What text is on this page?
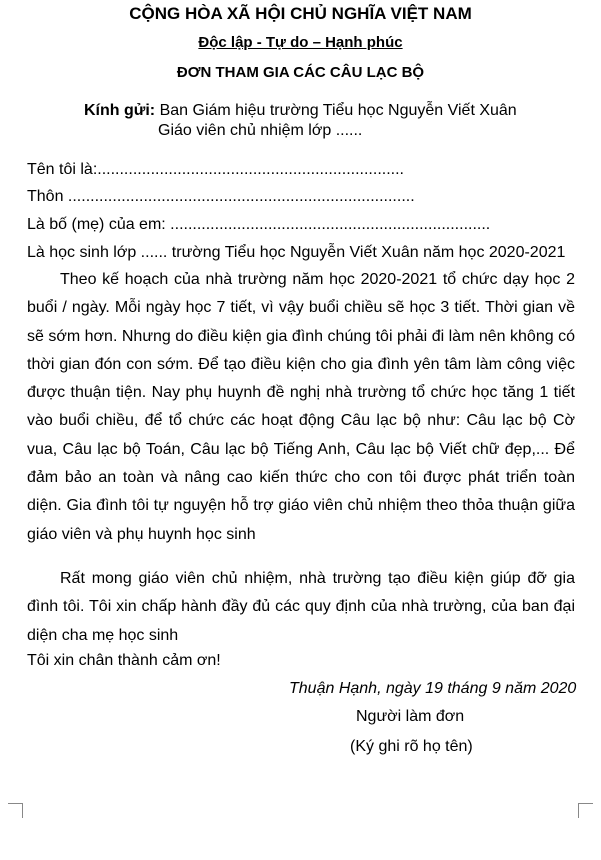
CỘNG HÒA XÃ HỘI CHỦ NGHĨA VIỆT NAM
Độc lập - Tự do – Hạnh phúc
ĐƠN THAM GIA CÁC CÂU LẠC BỘ
Kính gửi: Ban Giám hiệu trường Tiểu học Nguyễn Viết Xuân
Giáo viên chủ nhiệm lớp ......
Tên tôi là:.....................................................................
Thôn ..............................................................................
Là bố (mẹ) của em: ........................................................................
Là học sinh lớp ...... trường Tiểu học Nguyễn Viết Xuân năm học 2020-2021

Theo kế hoạch của nhà trường năm học 2020-2021 tổ chức dạy học 2 buổi / ngày. Mỗi ngày học 7 tiết, vì vậy buổi chiều sẽ học 3 tiết. Thời gian về sẽ sớm hơn. Nhưng do điều kiện gia đình chúng tôi phải đi làm nên không có thời gian đón con sớm. Để tạo điều kiện cho gia đình yên tâm làm công việc được thuận tiện. Nay phụ huynh đề nghị nhà trường tổ chức học tăng 1 tiết vào buổi chiều, để tổ chức các hoạt động Câu lạc bộ như: Câu lạc bộ Cờ vua, Câu lạc bộ Toán, Câu lạc bộ Tiếng Anh, Câu lạc bộ Viết chữ đẹp,... Để đảm bảo an toàn và nâng cao kiến thức cho con tôi được phát triển toàn diện. Gia đình tôi tự nguyện hỗ trợ giáo viên chủ nhiệm theo thỏa thuận giữa giáo viên và phụ huynh học sinh

Rất mong giáo viên chủ nhiệm, nhà trường tạo điều kiện giúp đỡ gia đình tôi. Tôi xin chấp hành đầy đủ các quy định của nhà trường, của ban đại diện cha mẹ học sinh

Tôi xin chân thành cảm ơn!
Thuận Hạnh, ngày 19 tháng 9 năm 2020
Người làm đơn
(Ký ghi rõ họ tên)
